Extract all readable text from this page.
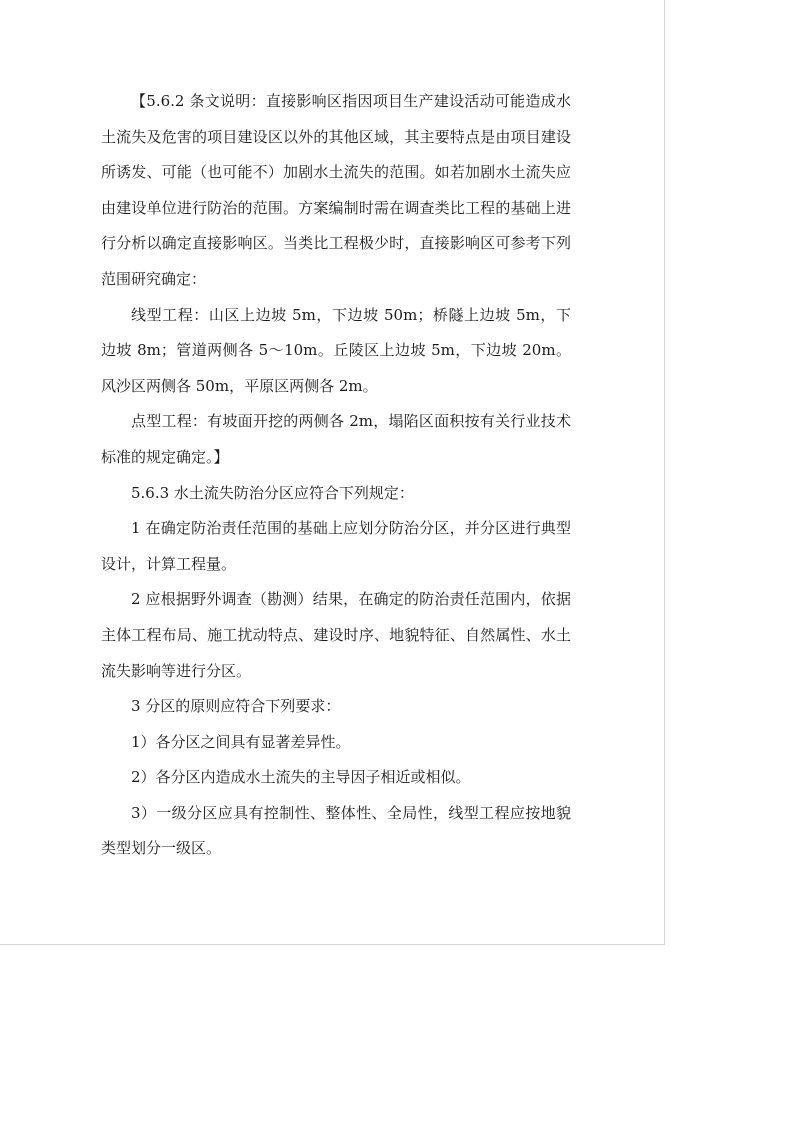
【5.6.2 条文说明：直接影响区指因项目生产建设活动可能造成水土流失及危害的项目建设区以外的其他区域，其主要特点是由项目建设所诱发、可能（也可能不）加剧水土流失的范围。如若加剧水土流失应由建设单位进行防治的范围。方案编制时需在调查类比工程的基础上进行分析以确定直接影响区。当类比工程极少时，直接影响区可参考下列范围研究确定：

线型工程：山区上边坡 5m，下边坡 50m；桥隧上边坡 5m，下边坡 8m；管道两侧各 5～10m。丘陵区上边坡 5m，下边坡 20m。风沙区两侧各 50m，平原区两侧各 2m。

点型工程：有坡面开挖的两侧各 2m，塌陷区面积按有关行业技术标准的规定确定。】

5.6.3 水土流失防治分区应符合下列规定：

1 在确定防治责任范围的基础上应划分防治分区，并分区进行典型设计，计算工程量。

2 应根据野外调查（勘测）结果，在确定的防治责任范围内，依据主体工程布局、施工扰动特点、建设时序、地貌特征、自然属性、水土流失影响等进行分区。

3 分区的原则应符合下列要求：

1）各分区之间具有显著差异性。

2）各分区内造成水土流失的主导因子相近或相似。

3）一级分区应具有控制性、整体性、全局性，线型工程应按地貌类型划分一级区。
